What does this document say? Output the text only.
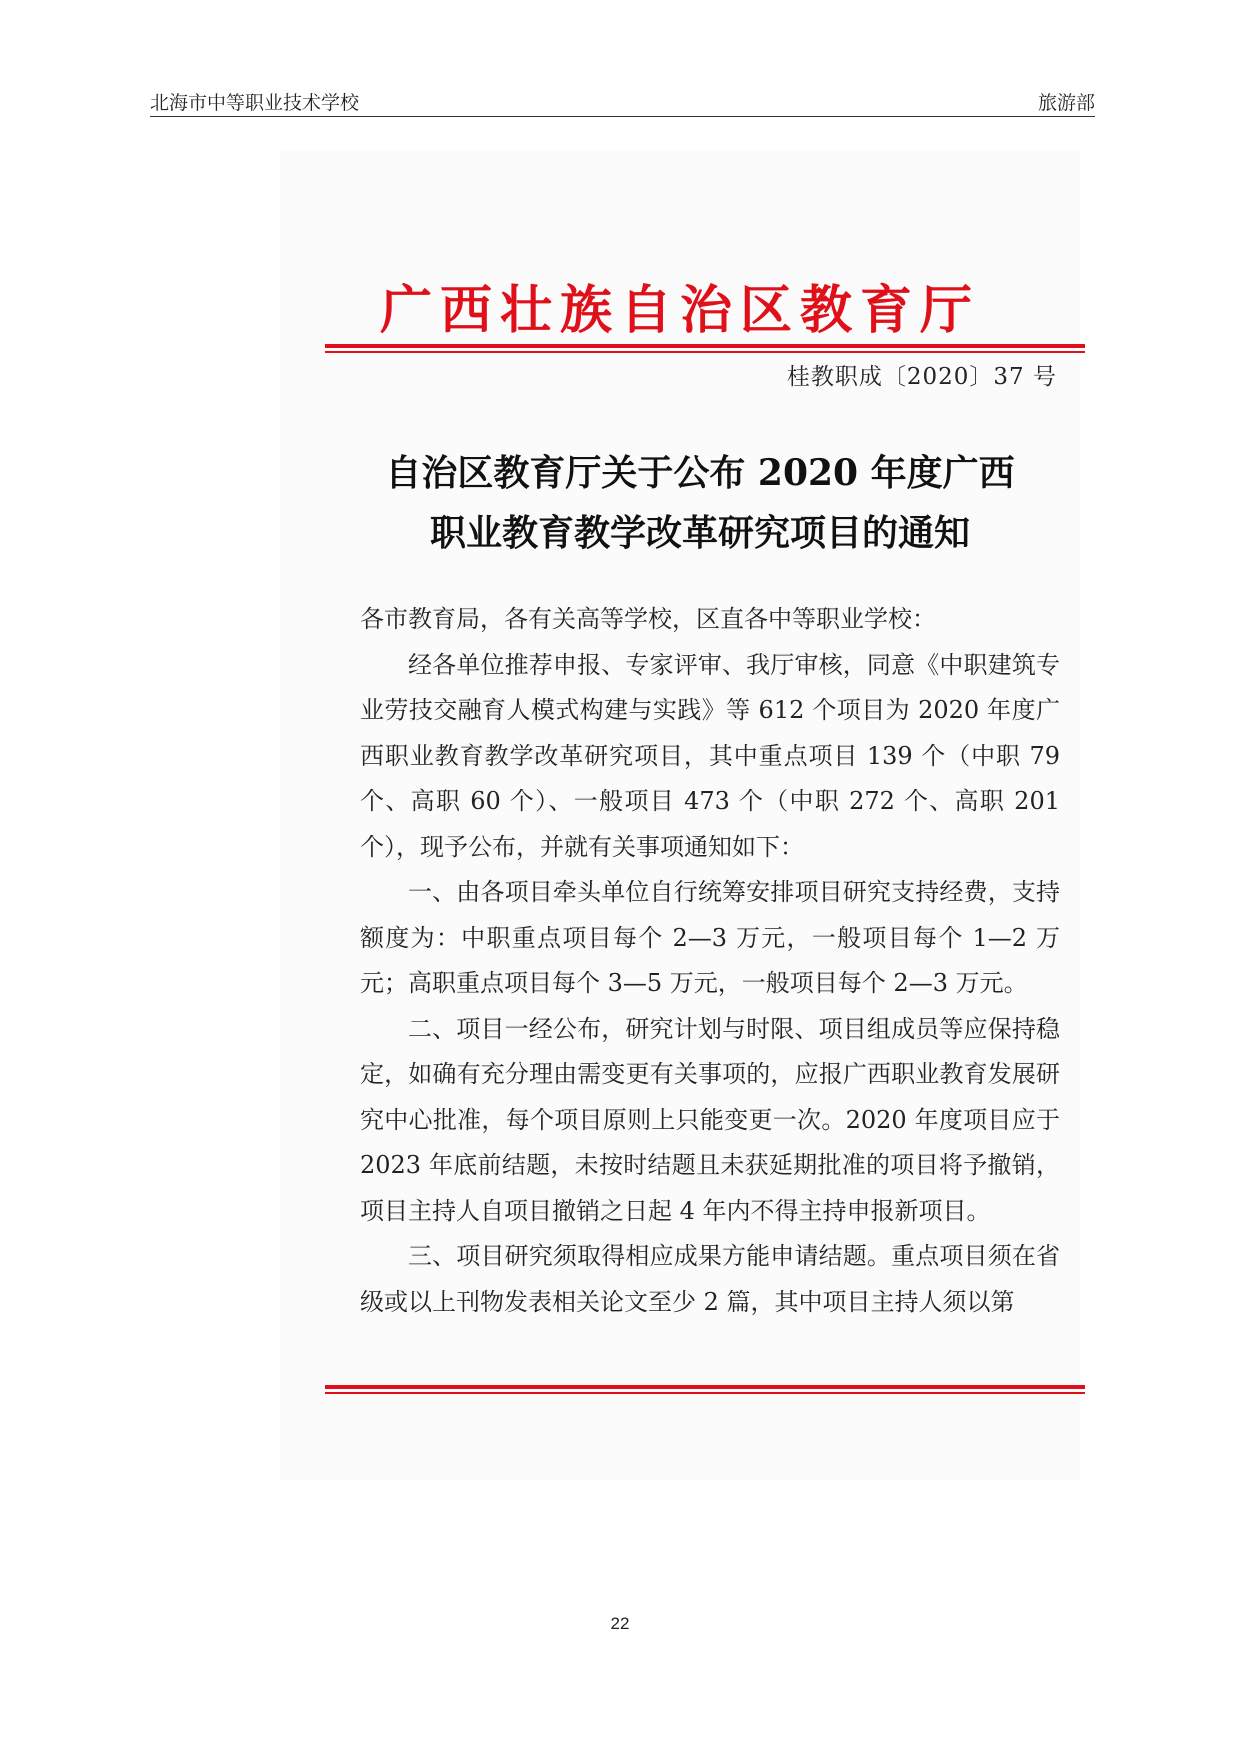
北海市中等职业技术学校	旅游部
广西壮族自治区教育厅
桂教职成〔2020〕37 号
自治区教育厅关于公布 2020 年度广西
职业教育教学改革研究项目的通知

各市教育局，各有关高等学校，区直各中等职业学校：

经各单位推荐申报、专家评审、我厅审核，同意《中职建筑专业劳技交融育人模式构建与实践》等 612 个项目为 2020 年度广西职业教育教学改革研究项目，其中重点项目 139 个（中职 79 个、高职 60 个）、一般项目 473 个（中职 272 个、高职 201 个），现予公布，并就有关事项通知如下：

一、由各项目牵头单位自行统筹安排项目研究支持经费，支持额度为：中职重点项目每个 2—3 万元，一般项目每个 1—2 万元；高职重点项目每个 3—5 万元，一般项目每个 2—3 万元。

二、项目一经公布，研究计划与时限、项目组成员等应保持稳定，如确有充分理由需变更有关事项的，应报广西职业教育发展研究中心批准，每个项目原则上只能变更一次。2020 年度项目应于 2023 年底前结题，未按时结题且未获延期批准的项目将予撤销，项目主持人自项目撤销之日起 4 年内不得主持申报新项目。

三、项目研究须取得相应成果方能申请结题。重点项目须在省级或以上刊物发表相关论文至少 2 篇，其中项目主持人须以第

22
